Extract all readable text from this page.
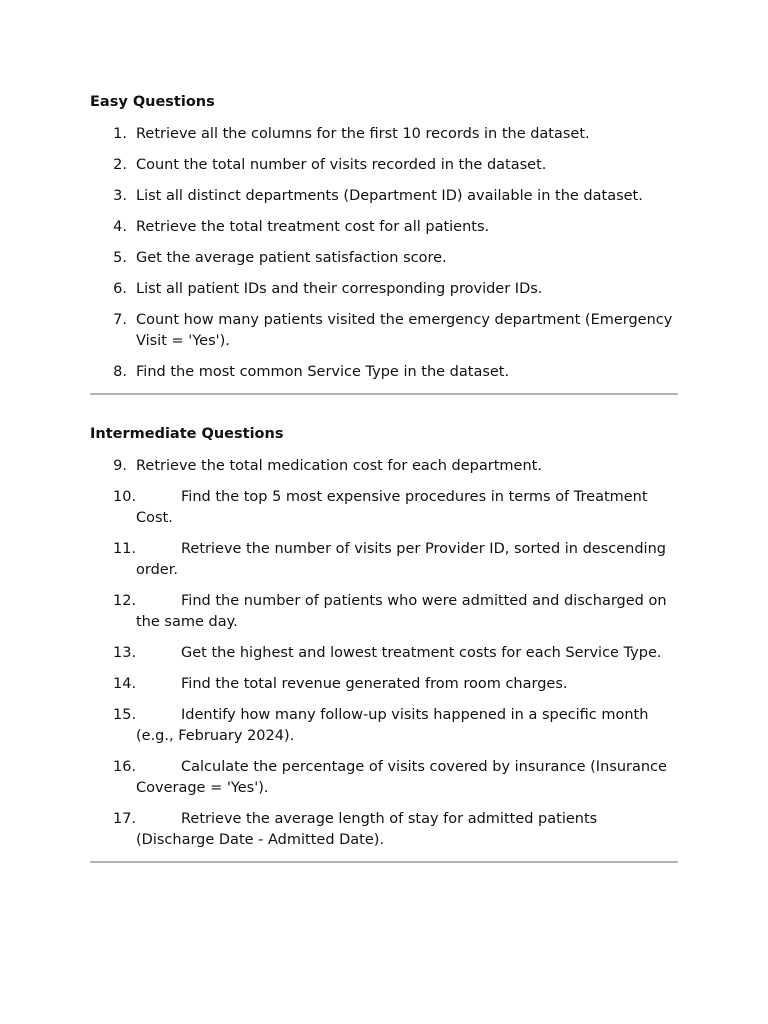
Easy Questions
1. Retrieve all the columns for the first 10 records in the dataset.
2. Count the total number of visits recorded in the dataset.
3. List all distinct departments (Department ID) available in the dataset.
4. Retrieve the total treatment cost for all patients.
5. Get the average patient satisfaction score.
6. List all patient IDs and their corresponding provider IDs.
7. Count how many patients visited the emergency department (Emergency Visit = 'Yes').
8. Find the most common Service Type in the dataset.
Intermediate Questions
9. Retrieve the total medication cost for each department.
10.	Find the top 5 most expensive procedures in terms of Treatment Cost.
11.	Retrieve the number of visits per Provider ID, sorted in descending order.
12.	Find the number of patients who were admitted and discharged on the same day.
13.	Get the highest and lowest treatment costs for each Service Type.
14.	Find the total revenue generated from room charges.
15.	Identify how many follow-up visits happened in a specific month (e.g., February 2024).
16.	Calculate the percentage of visits covered by insurance (Insurance Coverage = 'Yes').
17.	Retrieve the average length of stay for admitted patients (Discharge Date - Admitted Date).
